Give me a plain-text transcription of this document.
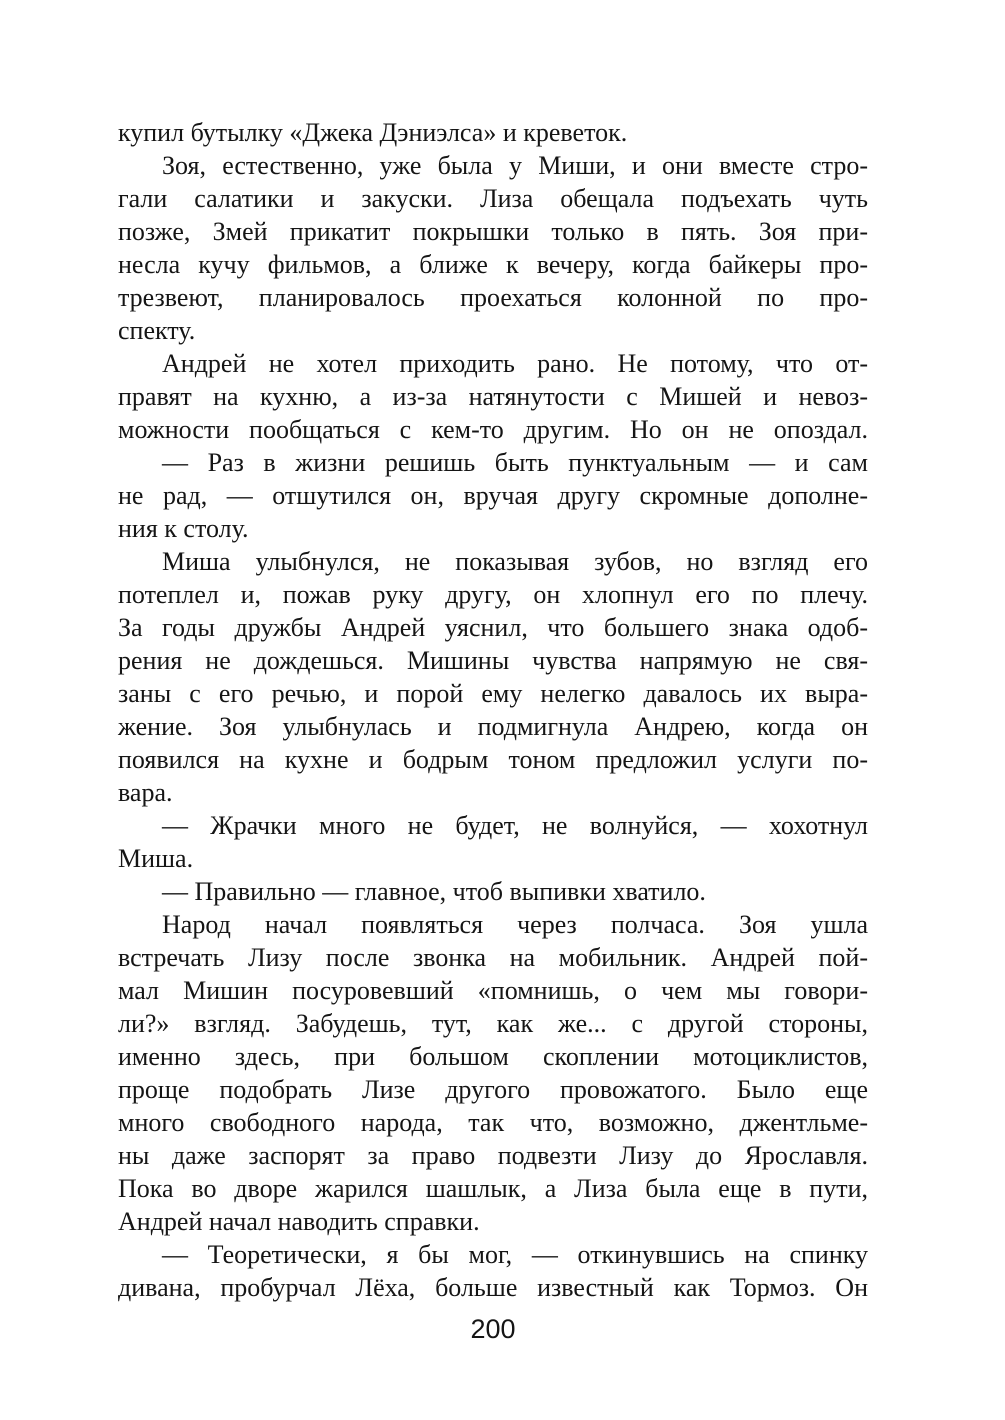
купил бутылку «Джека Дэниэлса» и креветок.
Зоя, естественно, уже была у Миши, и они вместе стро-
гали салатики и закуски. Лиза обещала подъехать чуть
позже, Змей прикатит покрышки только в пять. Зоя при-
несла кучу фильмов, а ближе к вечеру, когда байкеры про-
трезвеют, планировалось проехаться колонной по про-
спекту.
Андрей не хотел приходить рано. Не потому, что от-
правят на кухню, а из-за натянутости с Мишей и невоз-
можности пообщаться с кем-то другим. Но он не опоздал.
— Раз в жизни решишь быть пунктуальным — и сам
не рад, — отшутился он, вручая другу скромные дополне-
ния к столу.
Миша улыбнулся, не показывая зубов, но взгляд его
потеплел и, пожав руку другу, он хлопнул его по плечу.
За годы дружбы Андрей уяснил, что большего знака одоб-
рения не дождешься. Мишины чувства напрямую не свя-
заны с его речью, и порой ему нелегко давалось их выра-
жение. Зоя улыбнулась и подмигнула Андрею, когда он
появился на кухне и бодрым тоном предложил услуги по-
вара.
— Жрачки много не будет, не волнуйся, — хохотнул
Миша.
— Правильно — главное, чтоб выпивки хватило.
Народ начал появляться через полчаса. Зоя ушла
встречать Лизу после звонка на мобильник. Андрей пой-
мал Мишин посуровевший «помнишь, о чем мы говори-
ли?» взгляд. Забудешь, тут, как же... с другой стороны,
именно здесь, при большом скоплении мотоциклистов,
проще подобрать Лизе другого провожатого. Было еще
много свободного народа, так что, возможно, джентльме-
ны даже заспорят за право подвезти Лизу до Ярославля.
Пока во дворе жарился шашлык, а Лиза была еще в пути,
Андрей начал наводить справки.
— Теоретически, я бы мог, — откинувшись на спинку
дивана, пробурчал Лёха, больше известный как Тормоз. Он
200
